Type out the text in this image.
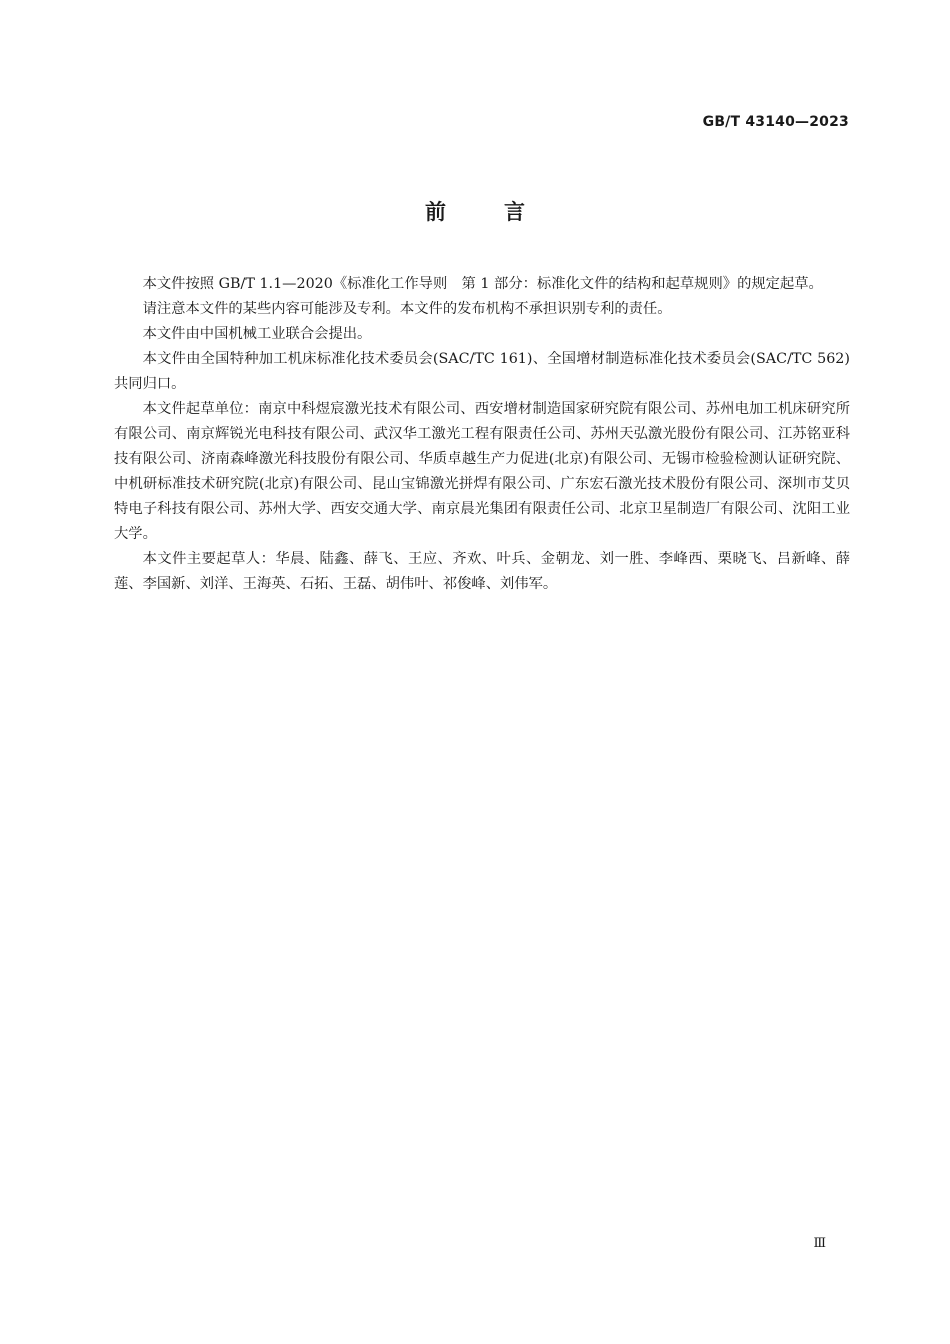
GB/T 43140—2023
前言

本文件按照 GB/T 1.1—2020《标准化工作导则　第 1 部分：标准化文件的结构和起草规则》的规定起草。

请注意本文件的某些内容可能涉及专利。本文件的发布机构不承担识别专利的责任。

本文件由中国机械工业联合会提出。

本文件由全国特种加工机床标准化技术委员会(SAC/TC 161)、全国增材制造标准化技术委员会(SAC/TC 562)共同归口。

本文件起草单位：南京中科煜宸激光技术有限公司、西安增材制造国家研究院有限公司、苏州电加工机床研究所有限公司、南京辉锐光电科技有限公司、武汉华工激光工程有限责任公司、苏州天弘激光股份有限公司、江苏铭亚科技有限公司、济南森峰激光科技股份有限公司、华质卓越生产力促进(北京)有限公司、无锡市检验检测认证研究院、中机研标准技术研究院(北京)有限公司、昆山宝锦激光拼焊有限公司、广东宏石激光技术股份有限公司、深圳市艾贝特电子科技有限公司、苏州大学、西安交通大学、南京晨光集团有限责任公司、北京卫星制造厂有限公司、沈阳工业大学。

本文件主要起草人：华晨、陆鑫、薛飞、王应、齐欢、叶兵、金朝龙、刘一胜、李峰西、栗晓飞、吕新峰、薛莲、李国新、刘洋、王海英、石拓、王磊、胡伟叶、祁俊峰、刘伟军。

Ⅲ
